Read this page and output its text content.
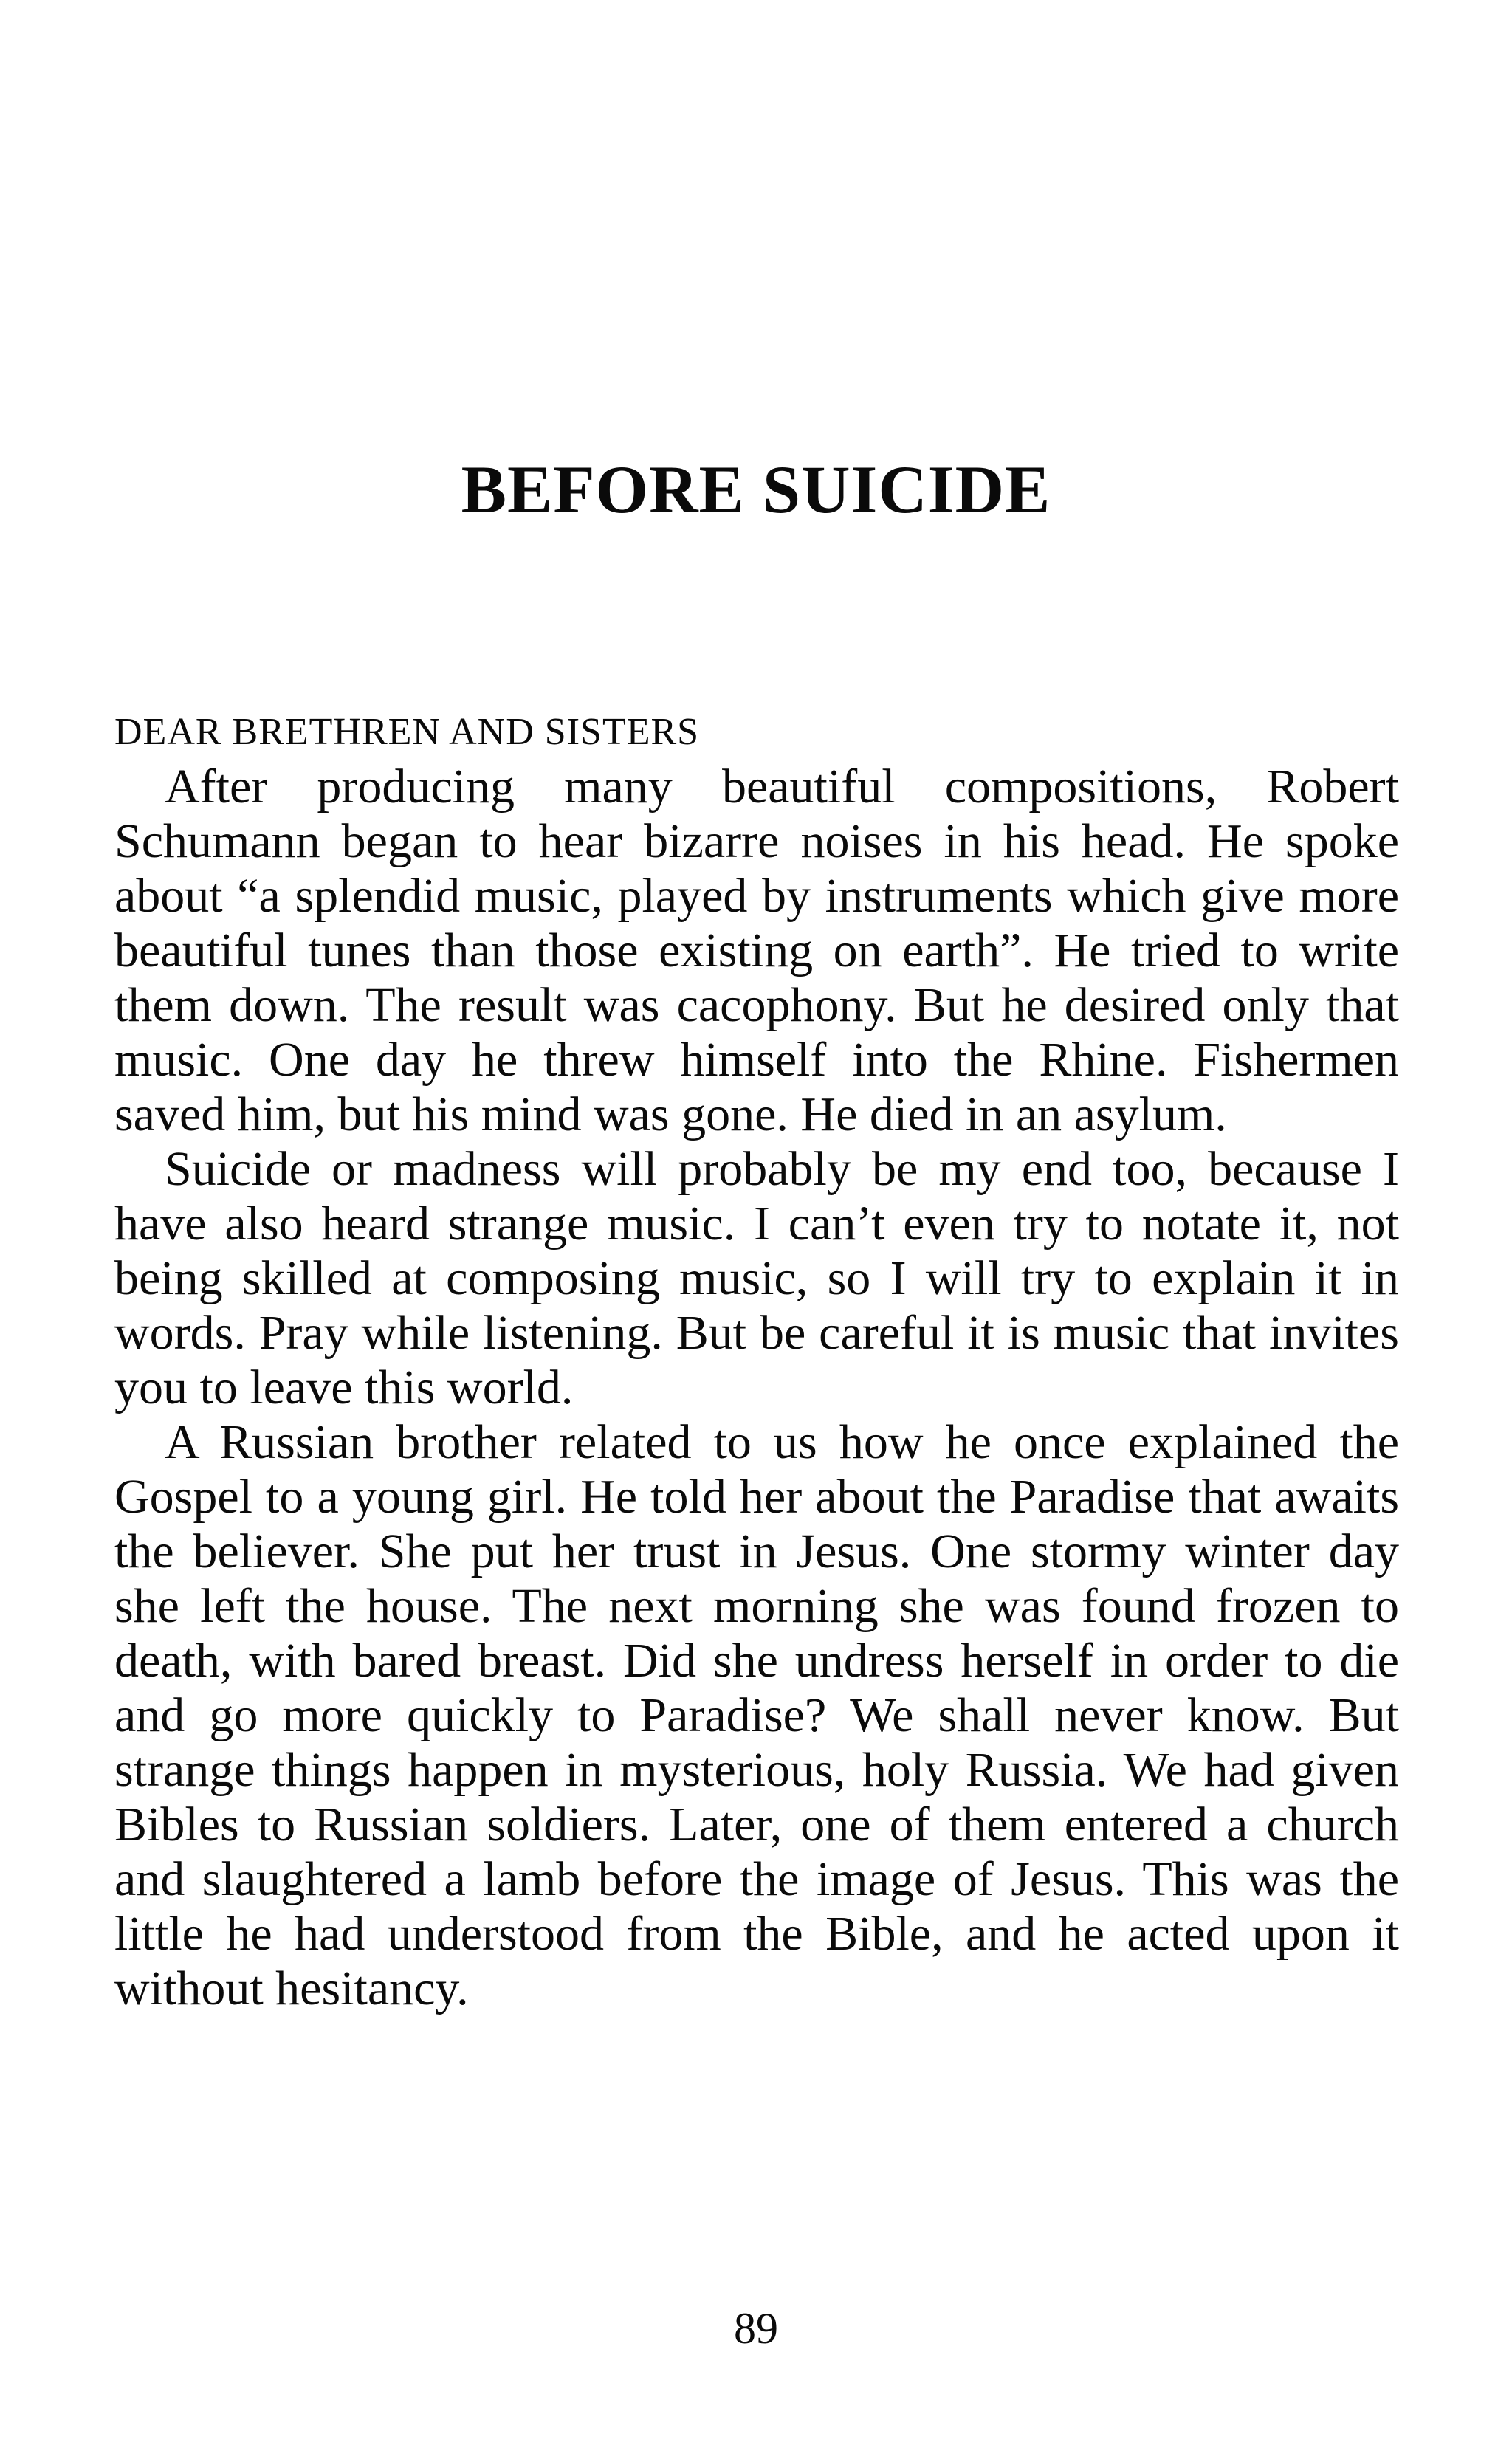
BEFORE SUICIDE

DEAR BRETHREN AND SISTERS

After producing many beautiful compositions, Robert Schumann began to hear bizarre noises in his head. He spoke about “a splendid music, played by instruments which give more beautiful tunes than those existing on earth”. He tried to write them down. The result was cacophony. But he desired only that music. One day he threw himself into the Rhine. Fishermen saved him, but his mind was gone. He died in an asylum.

Suicide or madness will probably be my end too, because I have also heard strange music. I can’t even try to notate it, not being skilled at composing music, so I will try to explain it in words. Pray while listening. But be careful it is music that invites you to leave this world.

A Russian brother related to us how he once explained the Gospel to a young girl. He told her about the Paradise that awaits the believer. She put her trust in Jesus. One stormy winter day she left the house. The next morning she was found frozen to death, with bared breast. Did she undress herself in order to die and go more quickly to Paradise? We shall never know. But strange things happen in mysterious, holy Russia. We had given Bibles to Russian soldiers. Later, one of them entered a church and slaughtered a lamb before the image of Jesus. This was the little he had understood from the Bible, and he acted upon it without hesitancy.

89
